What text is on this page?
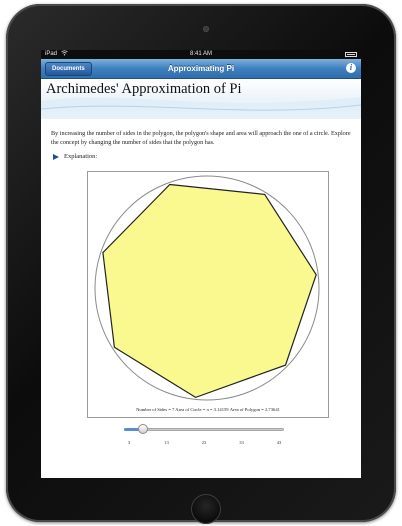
iPad	8:41 AM
Documents	Approximating Pi	i
Archimedes' Approximation of Pi
By increasing the number of sides in the polygon, the polygon's shape and area will approach the one of a circle. Explore the concept by changing the number of sides that the polygon has.
Explanation:
Number of Sides = 7 Area of Circle = π = 3.14159 Area of Polygon = 2.73641
3	13	23	33	43
